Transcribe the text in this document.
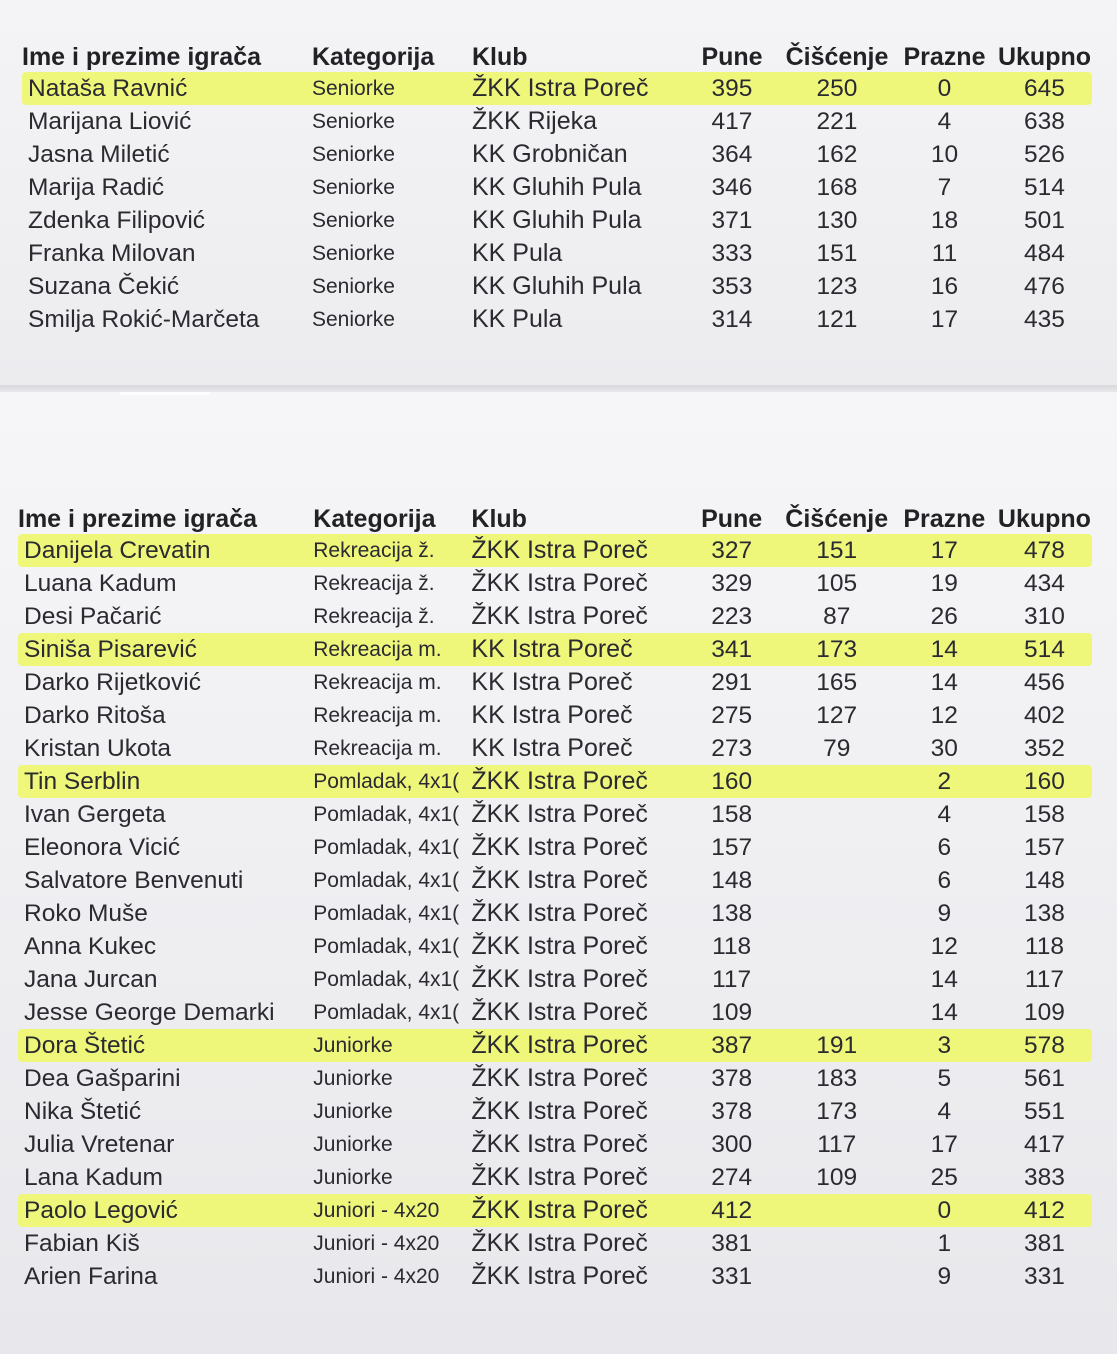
Ime i prezime igrača	Kategorija	Klub	Pune	Čišćenje	Prazne	Ukupno
Nataša Ravnić	Seniorke	ŽKK Istra Poreč	395	250	0	645
Marijana Liović	Seniorke	ŽKK Rijeka	417	221	4	638
Jasna Miletić	Seniorke	KK Grobničan	364	162	10	526
Marija Radić	Seniorke	KK Gluhih Pula	346	168	7	514
Zdenka Filipović	Seniorke	KK Gluhih Pula	371	130	18	501
Franka Milovan	Seniorke	KK Pula	333	151	11	484
Suzana Čekić	Seniorke	KK Gluhih Pula	353	123	16	476
Smilja Rokić-Marčeta	Seniorke	KK Pula	314	121	17	435
Ime i prezime igrača	Kategorija	Klub	Pune	Čišćenje	Prazne	Ukupno
Danijela Crevatin	Rekreacija ž.	ŽKK Istra Poreč	327	151	17	478
Luana Kadum	Rekreacija ž.	ŽKK Istra Poreč	329	105	19	434
Desi Pačarić	Rekreacija ž.	ŽKK Istra Poreč	223	87	26	310
Siniša Pisarević	Rekreacija m.	KK Istra Poreč	341	173	14	514
Darko Rijetković	Rekreacija m.	KK Istra Poreč	291	165	14	456
Darko Ritoša	Rekreacija m.	KK Istra Poreč	275	127	12	402
Kristan Ukota	Rekreacija m.	KK Istra Poreč	273	79	30	352
Tin Serblin	Pomladak, 4x1(	ŽKK Istra Poreč	160		2	160
Ivan Gergeta	Pomladak, 4x1(	ŽKK Istra Poreč	158		4	158
Eleonora Vicić	Pomladak, 4x1(	ŽKK Istra Poreč	157		6	157
Salvatore Benvenuti	Pomladak, 4x1(	ŽKK Istra Poreč	148		6	148
Roko Muše	Pomladak, 4x1(	ŽKK Istra Poreč	138		9	138
Anna Kukec	Pomladak, 4x1(	ŽKK Istra Poreč	118		12	118
Jana Jurcan	Pomladak, 4x1(	ŽKK Istra Poreč	117		14	117
Jesse George Demarki	Pomladak, 4x1(	ŽKK Istra Poreč	109		14	109
Dora Štetić	Juniorke	ŽKK Istra Poreč	387	191	3	578
Dea Gašparini	Juniorke	ŽKK Istra Poreč	378	183	5	561
Nika Štetić	Juniorke	ŽKK Istra Poreč	378	173	4	551
Julia Vretenar	Juniorke	ŽKK Istra Poreč	300	117	17	417
Lana Kadum	Juniorke	ŽKK Istra Poreč	274	109	25	383
Paolo Legović	Juniori - 4x20	ŽKK Istra Poreč	412		0	412
Fabian Kiš	Juniori - 4x20	ŽKK Istra Poreč	381		1	381
Arien Farina	Juniori - 4x20	ŽKK Istra Poreč	331		9	331
